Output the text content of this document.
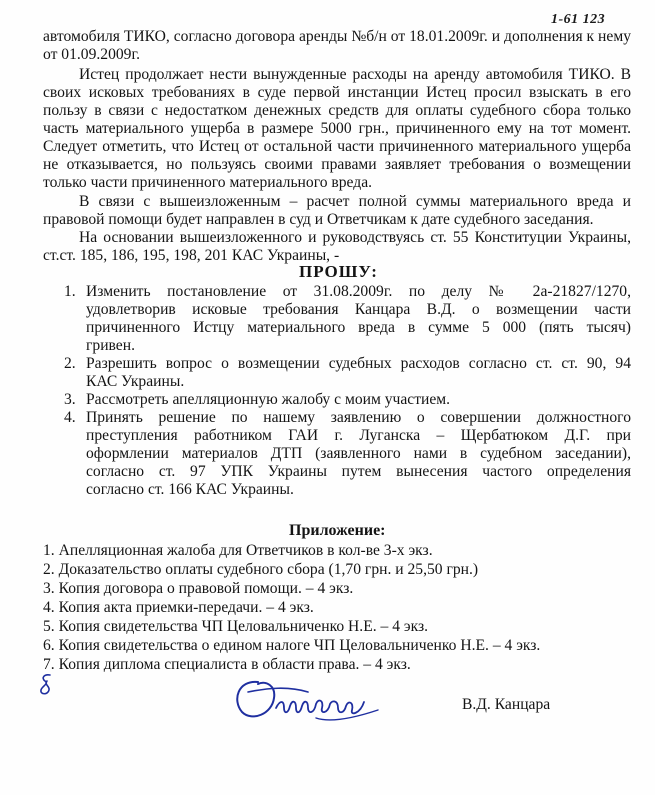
1-61 123
автомобиля ТИКО, согласно договора аренды №б/н от 18.01.2009г. и дополнения к нему
от 01.09.2009г.
Истец продолжает нести вынужденные расходы на аренду автомобиля ТИКО. В
своих исковых требованиях в суде первой инстанции Истец просил взыскать в его
пользу в связи с недостатком денежных средств для оплаты судебного сбора только
часть материального ущерба в размере 5000 грн., причиненного ему на тот момент.
Следует отметить, что Истец от остальной части причиненного материального ущерба
не отказывается, но пользуясь своими правами заявляет требования о возмещении
только части причиненного материального вреда.
В связи с вышеизложенным – расчет полной суммы материального вреда и
правовой помощи будет направлен в суд и Ответчикам к дате судебного заседания.
На основании вышеизложенного и руководствуясь ст. 55 Конституции Украины,
ст.ст. 185, 186, 195, 198, 201 КАС Украины, -
ПРОШУ:
1. Изменить постановление от 31.08.2009г. по делу № 2а-21827/1270,
удовлетворив исковые требования Канцара В.Д. о возмещении части
причиненного Истцу материального вреда в сумме 5 000 (пять тысяч)
гривен.
2. Разрешить вопрос о возмещении судебных расходов согласно ст. ст. 90, 94
КАС Украины.
3. Рассмотреть апелляционную жалобу с моим участием.
4. Принять решение по нашему заявлению о совершении должностного
преступления работником ГАИ г. Луганска – Щербатюком Д.Г. при
оформлении материалов ДТП (заявленного нами в судебном заседании),
согласно ст. 97 УПК Украины путем вынесения частого определения
согласно ст. 166 КАС Украины.
Приложение:
1. Апелляционная жалоба для Ответчиков в кол-ве 3-х экз.
2. Доказательство оплаты судебного сбора (1,70 грн. и 25,50 грн.)
3. Копия договора о правовой помощи. – 4 экз.
4. Копия акта приемки-передачи. – 4 экз.
5. Копия свидетельства ЧП Целовальниченко Н.Е. – 4 экз.
6. Копия свидетельства о едином налоге ЧП Целовальниченко Н.Е. – 4 экз.
7. Копия диплома специалиста в области права. – 4 экз.
В.Д. Канцара
